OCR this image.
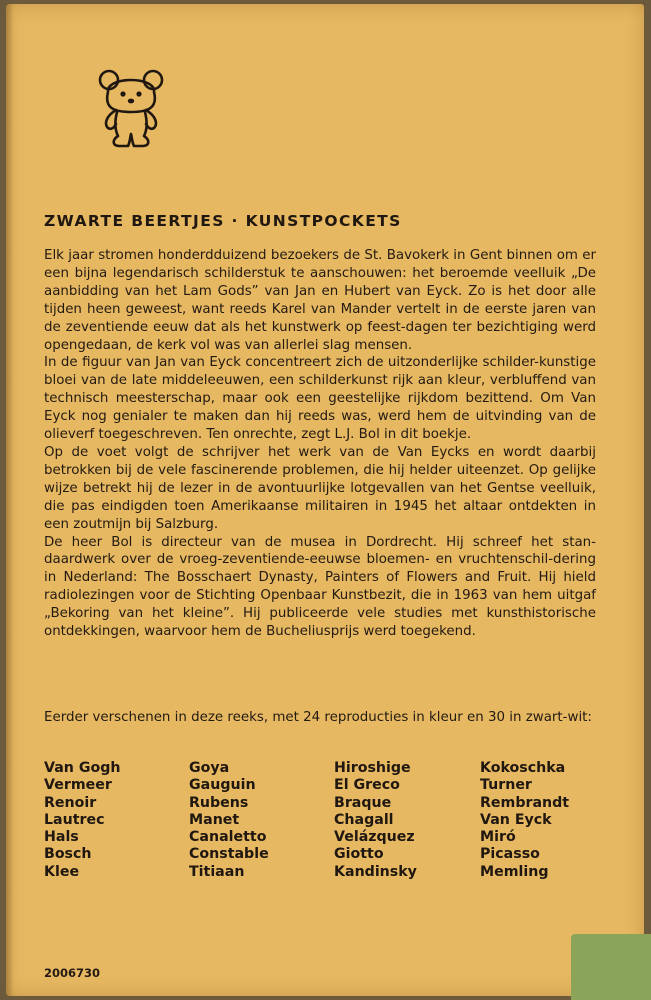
ZWARTE BEERTJES · KUNSTPOCKETS

Elk jaar stromen honderdduizend bezoekers de St. Bavokerk in Gent binnen om er een bijna legendarisch schilderstuk te aanschouwen: het beroemde veelluik „De aanbidding van het Lam Gods” van Jan en Hubert van Eyck. Zo is het door alle tijden heen geweest, want reeds Karel van Mander vertelt in de eerste jaren van de zeventiende eeuw dat als het kunstwerk op feest-dagen ter bezichtiging werd opengedaan, de kerk vol was van allerlei slag mensen.

In de figuur van Jan van Eyck concentreert zich de uitzonderlijke schilder-kunstige bloei van de late middeleeuwen, een schilderkunst rijk aan kleur, verbluffend van technisch meesterschap, maar ook een geestelijke rijkdom bezittend. Om Van Eyck nog genialer te maken dan hij reeds was, werd hem de uitvinding van de olieverf toegeschreven. Ten onrechte, zegt L.J. Bol in dit boekje.

Op de voet volgt de schrijver het werk van de Van Eycks en wordt daarbij betrokken bij de vele fascinerende problemen, die hij helder uiteenzet. Op gelijke wijze betrekt hij de lezer in de avontuurlijke lotgevallen van het Gentse veelluik, die pas eindigden toen Amerikaanse militairen in 1945 het altaar ontdekten in een zoutmijn bij Salzburg.

De heer Bol is directeur van de musea in Dordrecht. Hij schreef het stan-daardwerk over de vroeg-zeventiende-eeuwse bloemen- en vruchtenschil-dering in Nederland: The Bosschaert Dynasty, Painters of Flowers and Fruit. Hij hield radiolezingen voor de Stichting Openbaar Kunstbezit, die in 1963 van hem uitgaf „Bekoring van het kleine”. Hij publiceerde vele studies met kunsthistorische ontdekkingen, waarvoor hem de Bucheliusprijs werd toegekend.

Eerder verschenen in deze reeks, met 24 reproducties in kleur en 30 in zwart-wit:
Van Gogh
Vermeer
Renoir
Lautrec
Hals
Bosch
Klee
Goya
Gauguin
Rubens
Manet
Canaletto
Constable
Titiaan
Hiroshige
El Greco
Braque
Chagall
Velázquez
Giotto
Kandinsky
Kokoschka
Turner
Rembrandt
Van Eyck
Miró
Picasso
Memling
2006730
